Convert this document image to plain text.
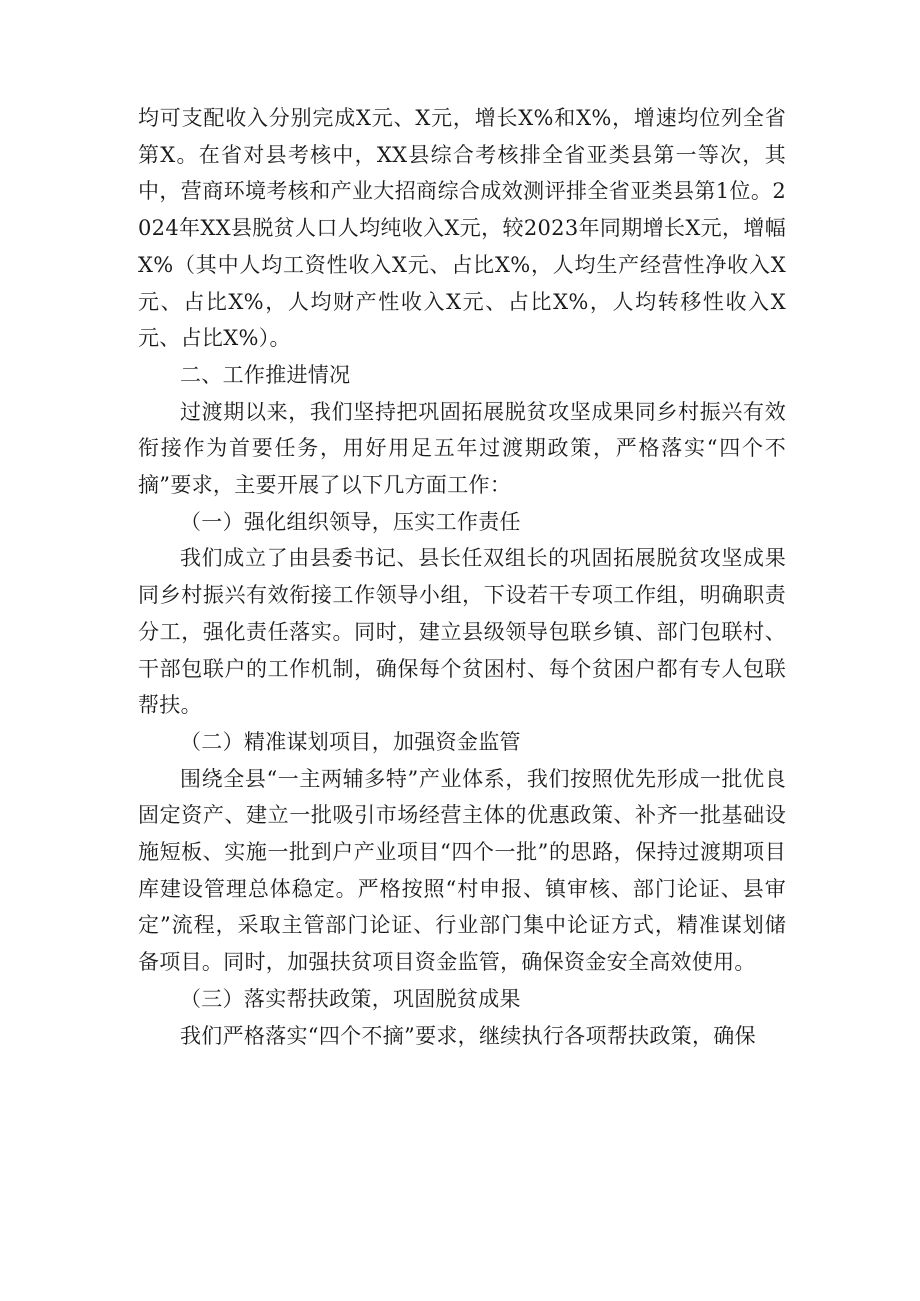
均可支配收入分别完成X元、X元，增长X%和X%，增速均位列全省第X。在省对县考核中，XX县综合考核排全省亚类县第一等次，其中，营商环境考核和产业大招商综合成效测评排全省亚类县第1位。2024年XX县脱贫人口人均纯收入X元，较2023年同期增长X元，增幅X%（其中人均工资性收入X元、占比X%，人均生产经营性净收入X元、占比X%，人均财产性收入X元、占比X%，人均转移性收入X元、占比X%）。

二、工作推进情况

过渡期以来，我们坚持把巩固拓展脱贫攻坚成果同乡村振兴有效衔接作为首要任务，用好用足五年过渡期政策，严格落实“四个不摘”要求，主要开展了以下几方面工作：

（一）强化组织领导，压实工作责任

我们成立了由县委书记、县长任双组长的巩固拓展脱贫攻坚成果同乡村振兴有效衔接工作领导小组，下设若干专项工作组，明确职责分工，强化责任落实。同时，建立县级领导包联乡镇、部门包联村、干部包联户的工作机制，确保每个贫困村、每个贫困户都有专人包联帮扶。

（二）精准谋划项目，加强资金监管

围绕全县“一主两辅多特”产业体系，我们按照优先形成一批优良固定资产、建立一批吸引市场经营主体的优惠政策、补齐一批基础设施短板、实施一批到户产业项目“四个一批”的思路，保持过渡期项目库建设管理总体稳定。严格按照“村申报、镇审核、部门论证、县审定”流程，采取主管部门论证、行业部门集中论证方式，精准谋划储备项目。同时，加强扶贫项目资金监管，确保资金安全高效使用。

（三）落实帮扶政策，巩固脱贫成果

我们严格落实“四个不摘”要求，继续执行各项帮扶政策，确保
